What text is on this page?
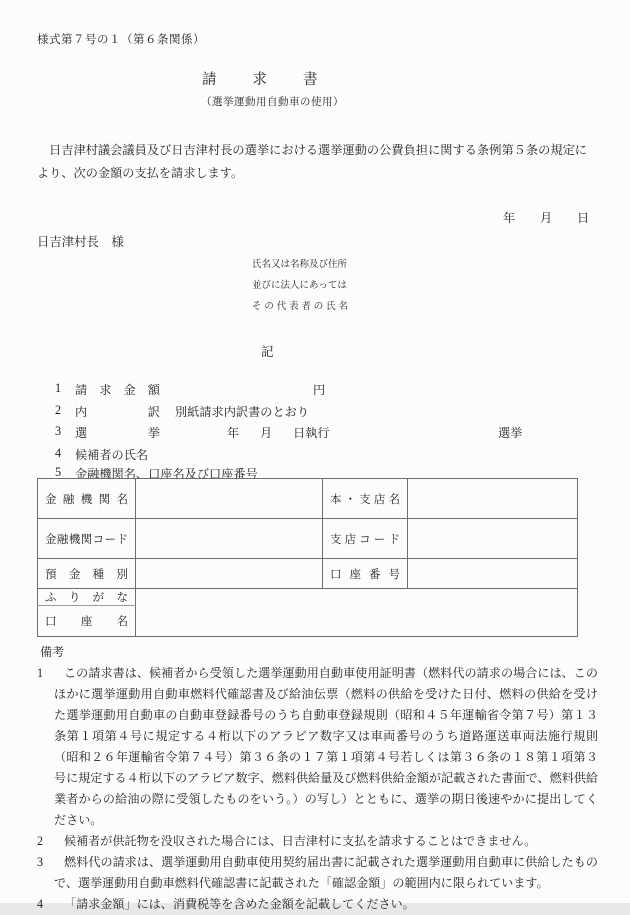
様式第７号の１（第６条関係）
請求書
（選挙運動用自動車の使用）
日吉津村議会議員及び日吉津村長の選挙における選挙運動の公費負担に関する条例第５条の規定により、次の金額の支払を請求します。
年　月　日
日吉津村長　様
氏名又は名称及び住所
並びに法人にあっては
その代表者の氏名
記
1 請求金額	円
2 内訳 別紙請求内訳書のとおり
3 選挙	年 月 日執行	選挙
4 候補者の氏名
5 金融機関名、口座名及び口座番号
金融機関名		本・支店名	
金融機関コード		支店コード	
預金種別		口座番号	
ふりがな			
口座名			

備考

1 この請求書は、候補者から受領した選挙運動用自動車使用証明書（燃料代の請求の場合には、このほかに選挙運動用自動車燃料代確認書及び給油伝票（燃料の供給を受けた日付、燃料の供給を受けた選挙運動用自動車の自動車登録番号のうち自動車登録規則（昭和４５年運輸省令第７号）第１３条第１項第４号に規定する４桁以下のアラビア数字又は車両番号のうち道路運送車両法施行規則（昭和２６年運輸省令第７４号）第３６条の１７第１項第４号若しくは第３６条の１８第１項第３号に規定する４桁以下のアラビア数字、燃料供給量及び燃料供給金額が記載された書面で、燃料供給業者からの給油の際に受領したものをいう。）の写し）とともに、選挙の期日後速やかに提出してください。

2 候補者が供託物を没収された場合には、日吉津村に支払を請求することはできません。

3 燃料代の請求は、選挙運動用自動車使用契約届出書に記載された選挙運動用自動車に供給したもので、選挙運動用自動車燃料代確認書に記載された「確認金額」の範囲内に限られています。

4 「請求金額」には、消費税等を含めた金額を記載してください。
